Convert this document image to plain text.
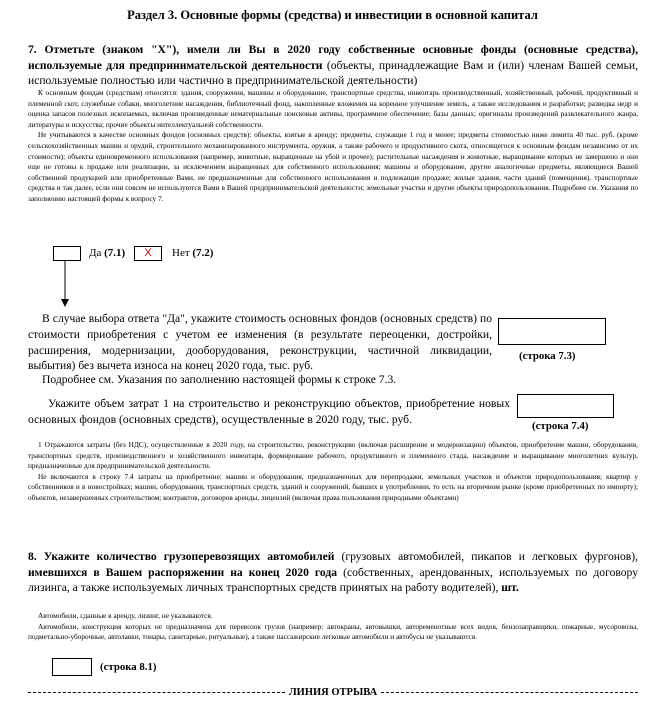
Раздел 3. Основные формы (средства) и инвестиции в основной капитал
7. Отметьте (знаком "Х"), имели ли Вы в 2020 году собственные основные фонды (основные средства), используемые для предпринимательской деятельности (объекты, принадлежащие Вам и (или) членам Вашей семьи, используемые полностью или частично в предпринимательской деятельности)

К основным фондам (средствам) относятся: здания, сооружения, машины и оборудование, транспортные средства, инвентарь производственный, хозяйственный, рабочий, продуктивный и племенной скот, служебные собаки, многолетние насаждения, библиотечный фонд, накопленные вложения на коренное улучшение земель, а также исследования и разработки; разведка недр и оценка запасов полезных ископаемых, включая произведенные нематериальные поисковые активы, программное обеспечение; базы данных; оригиналы произведений развлекательного жанра, литературы и искусства; прочие объекты интеллектуальной собственности.

Не учитываются в качестве основных фондов (основных средств): объекты, взятые в аренду; предметы, служащие 1 год и менее; предметы стоимостью ниже лимита 40 тыс. руб. (кроме сельскохозяйственных машин и орудий, строительного механизированного инструмента, оружия, а также рабочего и продуктивного скота, относящегося к основным фондам независимо от их стоимости); объекты единовременного использования (например, животные, выращенные на убой и прочее); растительные насаждения и животные, выращивание которых не завершено и они еще не готовы к продаже или реализации, за исключением выращенных для собственного использования; машины и оборудование, другие аналогичные предметы, являющиеся Вашей собственной продукцией или приобретенные Вами, не предназначенные для собственного использования и подлежащие продаже; жилые здания, части зданий (помещения), транспортные средства и так далее, если они совсем не используются Вами в Вашей предпринимательской деятельности; земельные участки и другие объекты природопользования. Подробнее см. Указания по заполнению настоящей формы к вопросу 7.

Да (7.1)	X	Нет (7.2)
В случае выбора ответа "Да", укажите стоимость основных фондов (основных средств) по стоимости приобретения с учетом ее изменения (в результате переоценки, достройки, расширения, модернизации, дооборудования, реконструкции, частичной ликвидации, выбытия) без вычета износа на конец 2020 года, тыс. руб.
(строка 7.3)
Подробнее см. Указания по заполнению настоящей формы к строке 7.3.
Укажите объем затрат 1 на строительство и реконструкцию объектов, приобретение новых основных фондов (основных средств), осуществленные в 2020 году, тыс. руб.
(строка 7.4)

1 Отражаются затраты (без НДС), осуществленные в 2020 году, на строительство, реконструкцию (включая расширение и модернизацию) объектов, приобретение машин, оборудования, транспортных средств, производственного и хозяйственного инвентаря, формирование рабочего, продуктивного и племенного стада, насаждение и выращивание многолетних культур, предназначенные для предпринимательской деятельности.

Не включаются в строку 7.4 затраты на приобретение: машин и оборудования, предназначенных для перепродажи, земельных участков и объектов природопользования; квартир у собственников и в новостройках; машин, оборудования, транспортных средств, зданий и сооружений, бывших в употреблении, то есть на вторичном рынке (кроме приобретенных по импорту); объектов, незавершенных строительством; контрактов, договоров аренды, лицензий (включая права пользования природными объектами)

8. Укажите количество грузоперевозящих автомобилей (грузовых автомобилей, пикапов и легковых фургонов), имевшихся в Вашем распоряжении на конец 2020 года (собственных, арендованных, используемых по договору лизинга, а также используемых личных транспортных средств принятых на работу водителей), шт.

Автомобили, сданные в аренду, лизинг, не указываются.

Автомобили, конструкция которых не предназначена для перевозок грузов (например: автокраны, автовышки, автоременотные всех видов, бензозаправщики, пожарные, мусоровозы, подметально-уборочные, автолавки, тонары, санитарные, ритуальные), а также пассажирские легковые автомобили и автобусы не указываются.

(строка 8.1)
ЛИНИЯ ОТРЫВА
